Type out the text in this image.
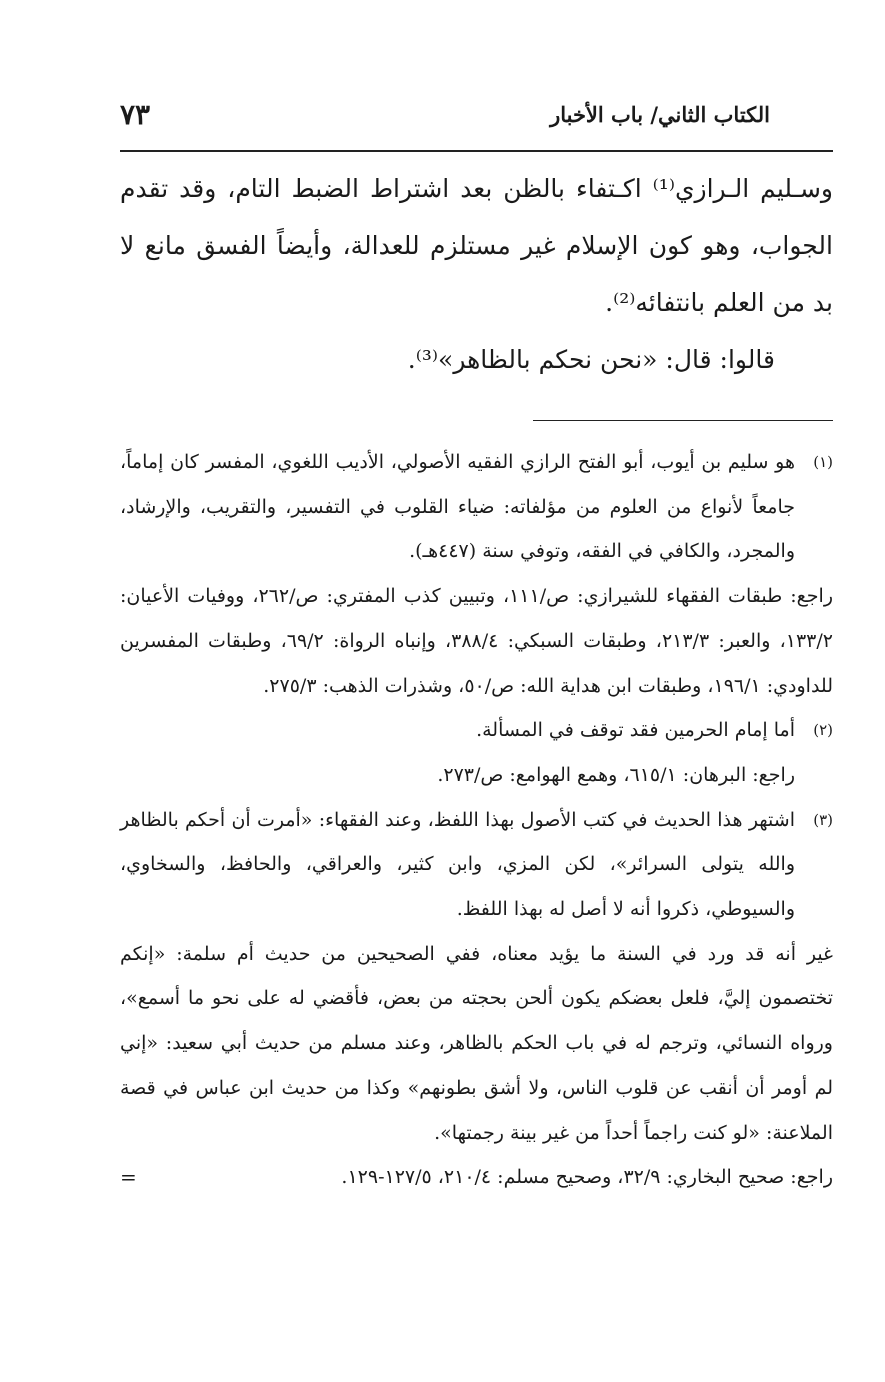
الكتاب الثاني/ باب الأخبار
٧٣

وسـليم الـرازي⁽¹⁾ اكـتفاء بالظن بعد اشتراط الضبط التام، وقد تقدم الجواب، وهو كون الإسلام غير مستلزم للعدالة، وأيضاً الفسق مانع لا بد من العلم بانتفائه⁽²⁾.

قالوا: قال: «نحن نحكم بالظاهر»⁽³⁾.

(١)
هو سليم بن أيوب، أبو الفتح الرازي الفقيه الأصولي، الأديب اللغوي، المفسر كان إماماً، جامعاً لأنواع من العلوم من مؤلفاته: ضياء القلوب في التفسير، والتقريب، والإرشاد، والمجرد، والكافي في الفقه، وتوفي سنة (٤٤٧هـ).

راجع: طبقات الفقهاء للشيرازي: ص/١١١، وتبيين كذب المفتري: ص/٢٦٢، ووفيات الأعيان: ١٣٣/٢، والعبر: ٢١٣/٣، وطبقات السبكي: ٣٨٨/٤، وإنباه الرواة: ٦٩/٢، وطبقات المفسرين للداودي: ١٩٦/١، وطبقات ابن هداية الله: ص/٥٠، وشذرات الذهب: ٢٧٥/٣.

(٢)
أما إمام الحرمين فقد توقف في المسألة.

راجع: البرهان: ٦١٥/١، وهمع الهوامع: ص/٢٧٣.

(٣)
اشتهر هذا الحديث في كتب الأصول بهذا اللفظ، وعند الفقهاء: «أمرت أن أحكم بالظاهر والله يتولى السرائر»، لكن المزي، وابن كثير، والعراقي، والحافظ، والسخاوي، والسيوطي، ذكروا أنه لا أصل له بهذا اللفظ.

غير أنه قد ورد في السنة ما يؤيد معناه، ففي الصحيحين من حديث أم سلمة: «إنكم تختصمون إليَّ، فلعل بعضكم يكون ألحن بحجته من بعض، فأقضي له على نحو ما أسمع»، ورواه النسائي، وترجم له في باب الحكم بالظاهر، وعند مسلم من حديث أبي سعيد: «إني لم أومر أن أنقب عن قلوب الناس، ولا أشق بطونهم» وكذا من حديث ابن عباس في قصة الملاعنة: «لو كنت راجماً أحداً من غير بينة رجمتها».

راجع: صحيح البخاري: ٣٢/٩، وصحيح مسلم: ٢١٠/٤، ١٢٧/٥-١٢٩.
=
